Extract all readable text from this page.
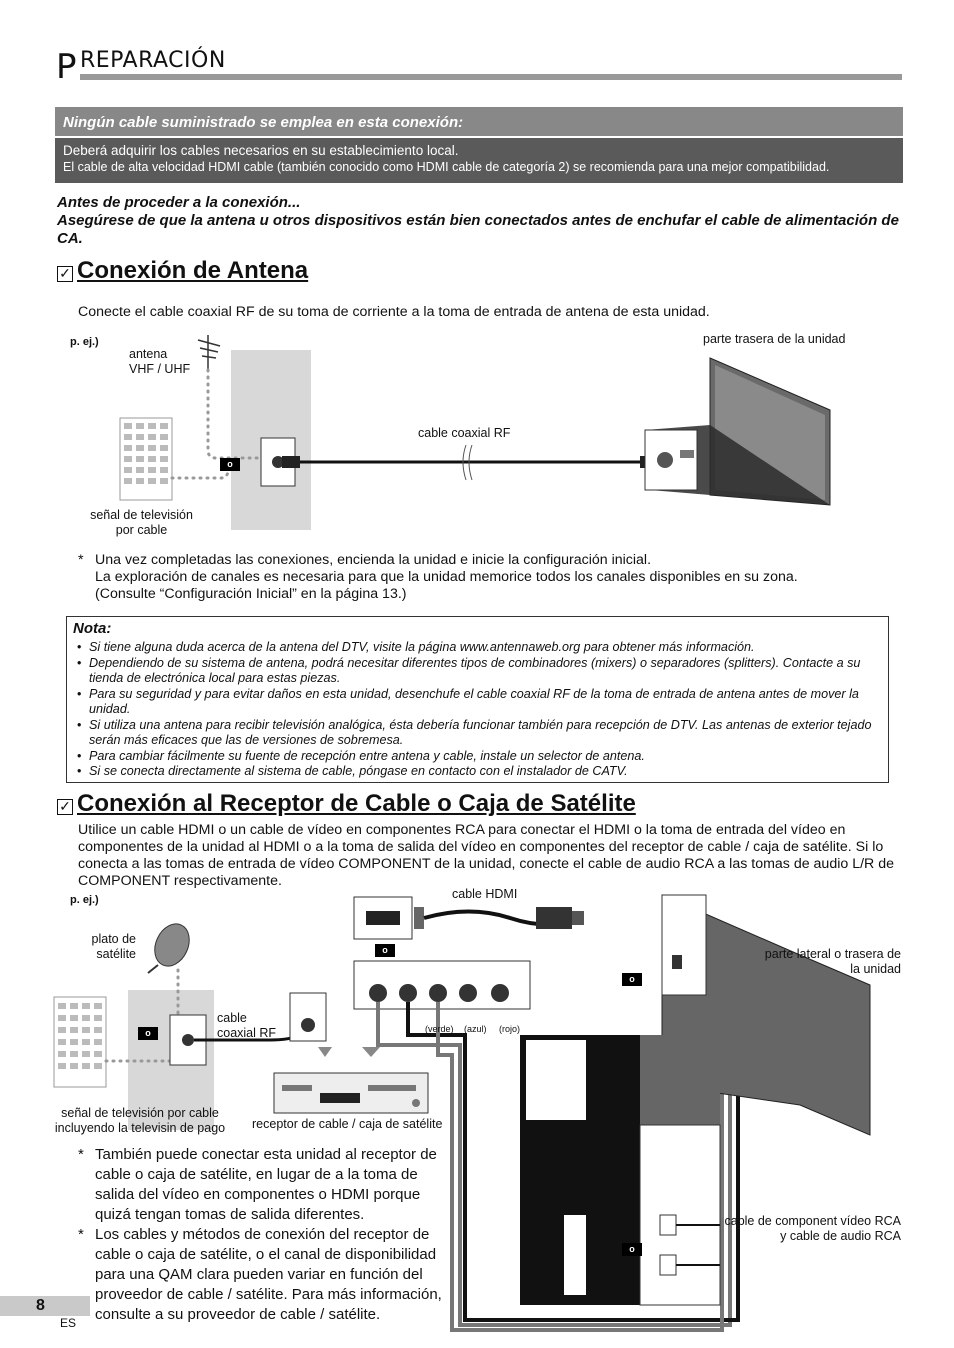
P REPARACIÓN
Ningún cable suministrado se emplea en esta conexión:
Deberá adquirir los cables necesarios en su establecimiento local.
El cable de alta velocidad HDMI cable (también conocido como HDMI cable de categoría 2) se recomienda para una mejor compatibilidad.
Antes de proceder a la conexión...
Asegúrese de que la antena u otros dispositivos están bien conectados antes de enchufar el cable de alimentación de CA.
✓ Conexión de Antena
Conecte el cable coaxial RF de su toma de corriente a la toma de entrada de antena de esta unidad.
p. ej.)
antena
VHF / UHF
parte trasera de la unidad
cable coaxial RF
señal de televisión
por cable
o
* Una vez completadas las conexiones, encienda la unidad e inicie la configuración inicial.
La exploración de canales es necesaria para que la unidad memorice todos los canales disponibles en su zona.
(Consulte “Configuración Inicial” en la página 13.)
Nota:
• Si tiene alguna duda acerca de la antena del DTV, visite la página www.antennaweb.org para obtener más información.
• Dependiendo de su sistema de antena, podrá necesitar diferentes tipos de combinadores (mixers) o separadores (splitters). Contacte a su tienda de electrónica local para estas piezas.
• Para su seguridad y para evitar daños en esta unidad, desenchufe el cable coaxial RF de la toma de entrada de antena antes de mover la unidad.
• Si utiliza una antena para recibir televisión analógica, ésta debería funcionar también para recepción de DTV. Las antenas de exterior tejado serán más eficaces que las de versiones de sobremesa.
• Para cambiar fácilmente su fuente de recepción entre antena y cable, instale un selector de antena.
• Si se conecta directamente al sistema de cable, póngase en contacto con el instalador de CATV.
✓ Conexión al Receptor de Cable o Caja de Satélite
Utilice un cable HDMI o un cable de vídeo en componentes RCA para conectar el HDMI o la toma de entrada del vídeo en componentes de la unidad al HDMI o a la toma de salida del vídeo en componentes del receptor de cable / caja de satélite. Si lo conecta a las tomas de entrada de vídeo COMPONENT de la unidad, conecte el cable de audio RCA a las tomas de audio L/R de COMPONENT respectivamente.
p. ej.)
plato de
satélite
cable HDMI
parte lateral o trasera de
la unidad
cable
coaxial RF	(verde) (azul) (rojo)
señal de televisión por cable
incluyendo la televisin de pago	receptor de cable / caja de satélite
cable de component vídeo RCA
y cable de audio RCA
o
o
o
o
* También puede conectar esta unidad al receptor de cable o caja de satélite, en lugar de a la toma de salida del vídeo en componentes o HDMI porque quizá tengan tomas de salida diferentes.
* Los cables y métodos de conexión del receptor de cable o caja de satélite, o el canal de disponibilidad para una QAM clara pueden variar en función del proveedor de cable / satélite. Para más información, consulte a su proveedor de cable / satélite.
8
ES
